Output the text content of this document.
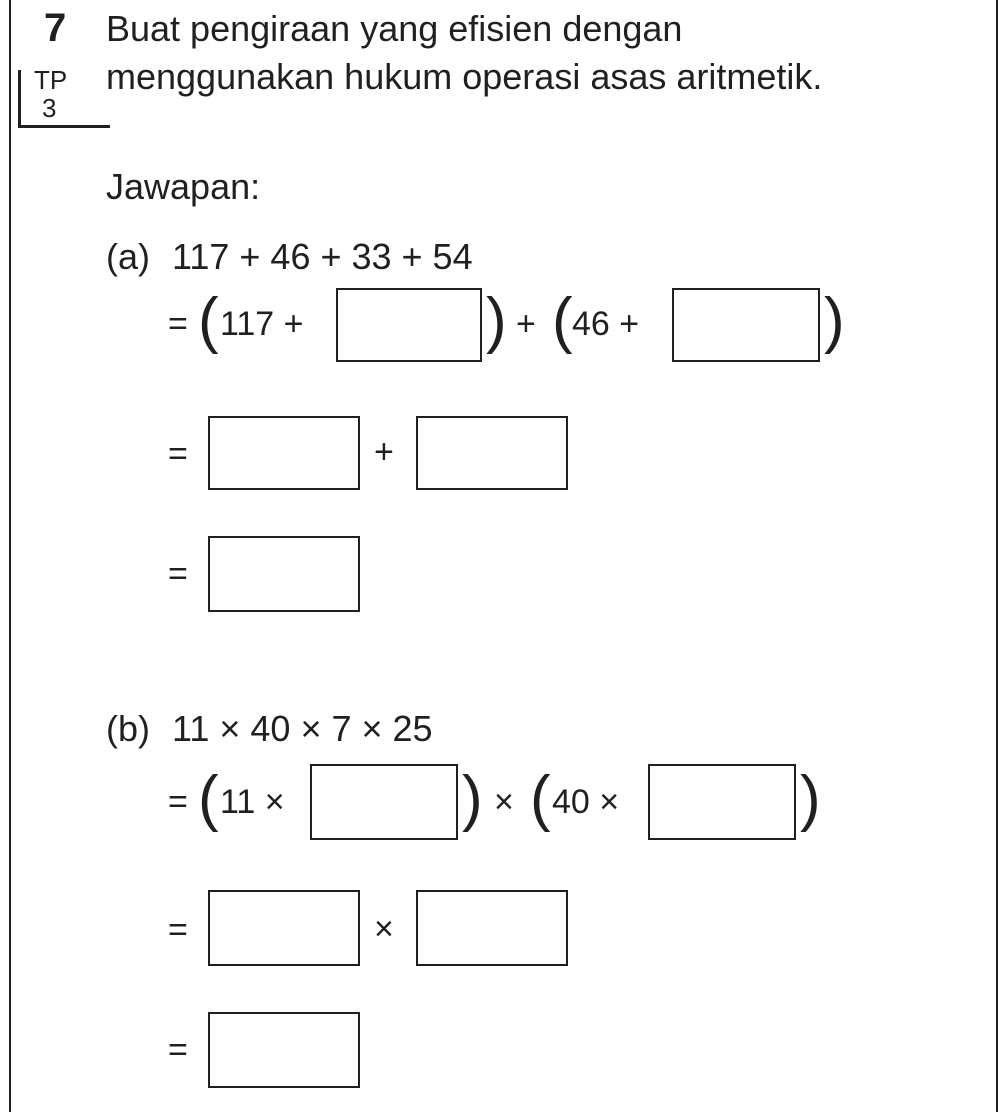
7 Buat pengiraan yang efisien dengan
menggunakan hukum operasi asas aritmetik.
TP
3
Jawapan:
(a) 117 + 46 + 33 + 54
= ( 117 +	) + ( 46 +	)
=	+
=
(b) 11 × 40 × 7 × 25
= ( 11 ×	) × ( 40 ×	)
=	×
=
